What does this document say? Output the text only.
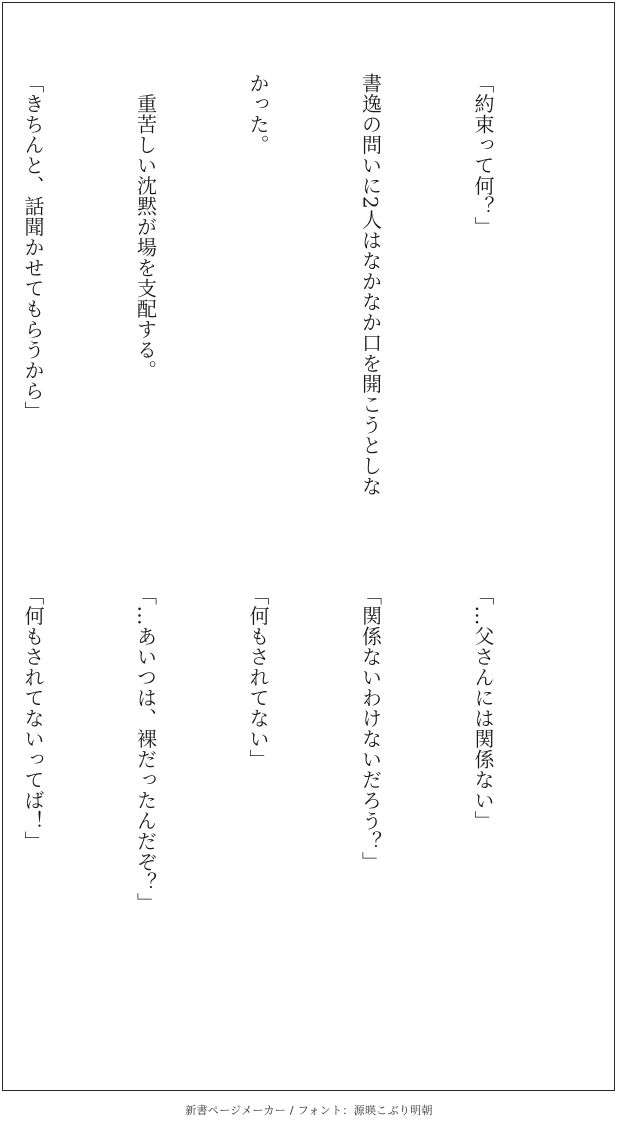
「約束って何？」

書逸の問いに2人はなかなか口を開こうとしな

かった。

　重苦しい沈黙が場を支配する。

「きちんと、話聞かせてもらうから」

「…父さんには関係ない」

「関係ないわけないだろう？」

「何もされてない」

「…あいつは、裸だったんだぞ？」

「何もされてないってば！」

新書ページメーカー / フォント：源暎こぶり明朝
